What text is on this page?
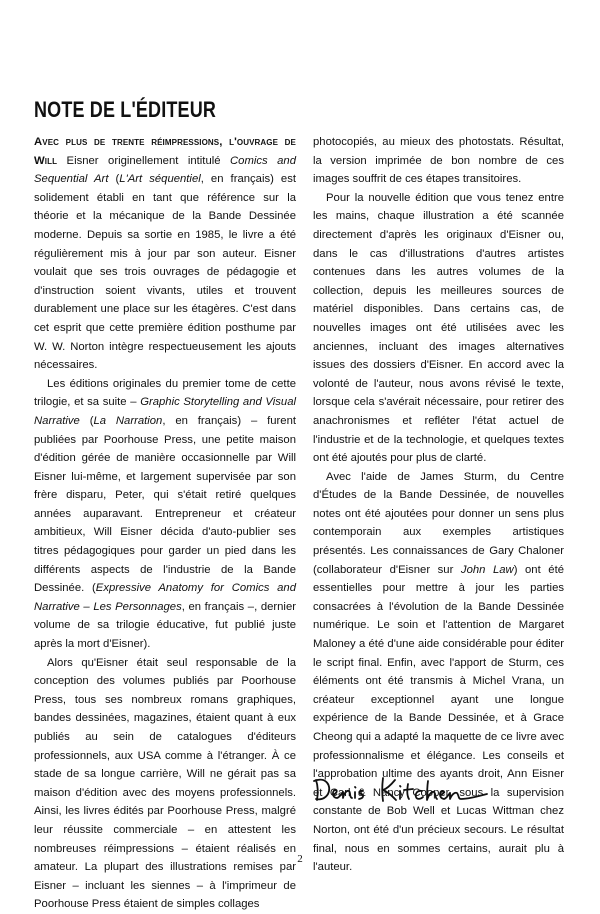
NOTE DE L'ÉDITEUR

Avec plus de trente réimpressions, l'ouvrage de Will Eisner originellement intitulé Comics and Sequential Art (L'Art séquentiel, en français) est solidement établi en tant que référence sur la théorie et la mécanique de la Bande Dessinée moderne. Depuis sa sortie en 1985, le livre a été régulièrement mis à jour par son auteur. Eisner voulait que ses trois ouvrages de pédagogie et d'instruction soient vivants, utiles et trouvent durablement une place sur les étagères. C'est dans cet esprit que cette première édition posthume par W. W. Norton intègre respectueusement les ajouts nécessaires.

Les éditions originales du premier tome de cette trilogie, et sa suite – Graphic Storytelling and Visual Narrative (La Narration, en français) – furent publiées par Poorhouse Press, une petite maison d'édition gérée de manière occasionnelle par Will Eisner lui-même, et largement supervisée par son frère disparu, Peter, qui s'était retiré quelques années auparavant. Entrepreneur et créateur ambitieux, Will Eisner décida d'auto-publier ses titres pédagogiques pour garder un pied dans les différents aspects de l'industrie de la Bande Dessinée. (Expressive Anatomy for Comics and Narrative – Les Personnages, en français –, dernier volume de sa trilogie éducative, fut publié juste après la mort d'Eisner).

Alors qu'Eisner était seul responsable de la conception des volumes publiés par Poorhouse Press, tous ses nombreux romans graphiques, bandes dessinées, magazines, étaient quant à eux publiés au sein de catalogues d'éditeurs professionnels, aux USA comme à l'étranger. À ce stade de sa longue carrière, Will ne gérait pas sa maison d'édition avec des moyens professionnels. Ainsi, les livres édités par Poorhouse Press, malgré leur réussite commerciale – en attestent les nombreuses réimpressions – étaient réalisés en amateur. La plupart des illustrations remises par Eisner – incluant les siennes – à l'imprimeur de Poorhouse Press étaient de simples collages

photocopiés, au mieux des photostats. Résultat, la version imprimée de bon nombre de ces images souffrit de ces étapes transitoires.

Pour la nouvelle édition que vous tenez entre les mains, chaque illustration a été scannée directement d'après les originaux d'Eisner ou, dans le cas d'illustrations d'autres artistes contenues dans les autres volumes de la collection, depuis les meilleures sources de matériel disponibles. Dans certains cas, de nouvelles images ont été utilisées avec les anciennes, incluant des images alternatives issues des dossiers d'Eisner. En accord avec la volonté de l'auteur, nous avons révisé le texte, lorsque cela s'avérait nécessaire, pour retirer des anachronismes et refléter l'état actuel de l'industrie et de la technologie, et quelques textes ont été ajoutés pour plus de clarté.

Avec l'aide de James Sturm, du Centre d'Études de la Bande Dessinée, de nouvelles notes ont été ajoutées pour donner un sens plus contemporain aux exemples artistiques présentés. Les connaissances de Gary Chaloner (collaborateur d'Eisner sur John Law) ont été essentielles pour mettre à jour les parties consacrées à l'évolution de la Bande Dessinée numérique. Le soin et l'attention de Margaret Maloney a été d'une aide considérable pour éditer le script final. Enfin, avec l'apport de Sturm, ces éléments ont été transmis à Michel Vrana, un créateur exceptionnel ayant une longue expérience de la Bande Dessinée, et à Grace Cheong qui a adapté la maquette de ce livre avec professionnalisme et élégance. Les conseils et l'approbation ultime des ayants droit, Ann Eisner et Carl & Nancy Cooper, sous la supervision constante de Bob Well et Lucas Wittman chez Norton, ont été d'un précieux secours. Le résultat final, nous en sommes certains, aurait plu à l'auteur.

2
